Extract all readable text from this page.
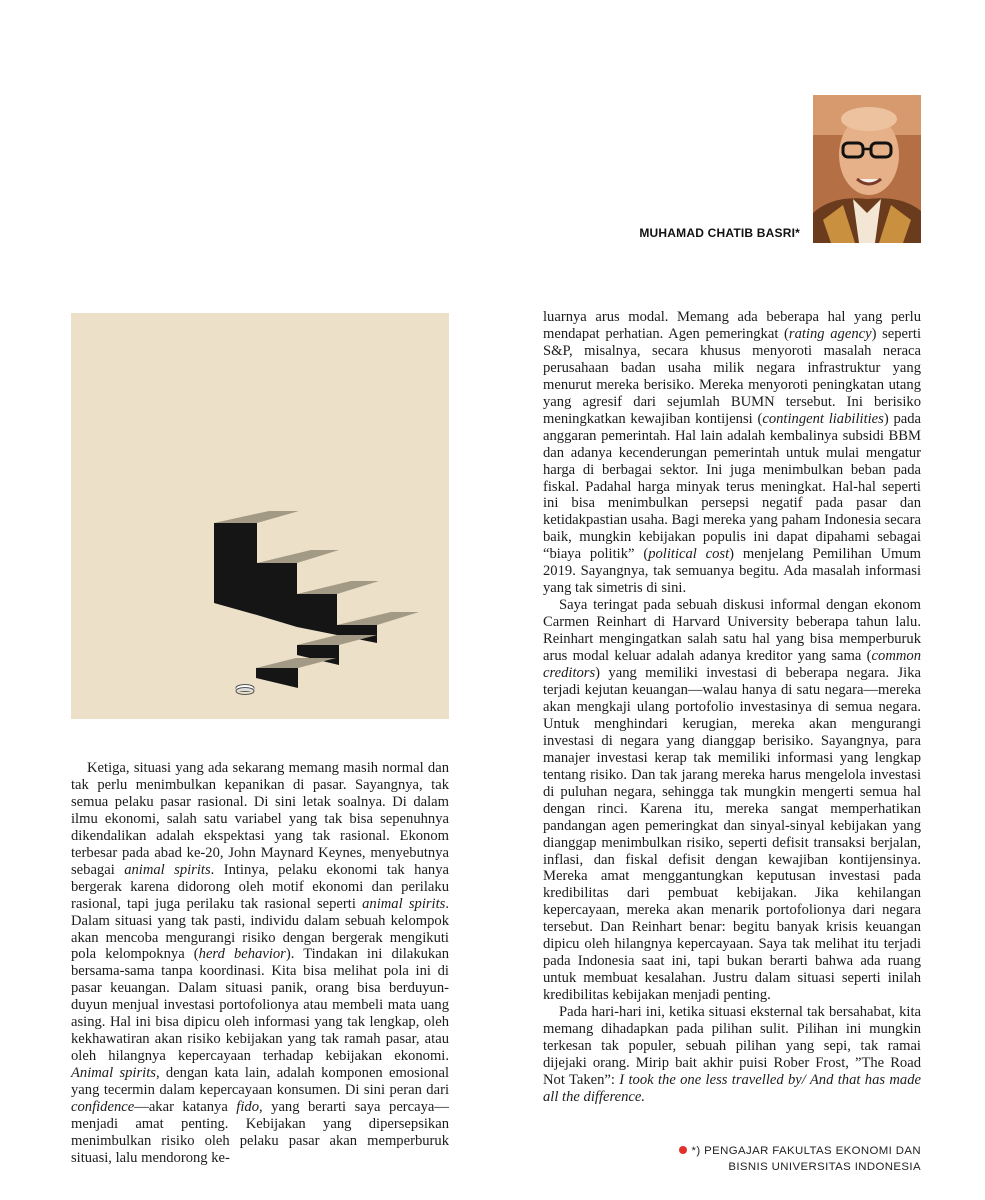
MUHAMAD CHATIB BASRI*

Ketiga, situasi yang ada sekarang memang masih normal dan tak perlu menimbulkan kepanikan di pasar. Sayangnya, tak semua pelaku pasar rasional. Di sini letak soalnya. Di dalam ilmu ekonomi, salah satu variabel yang tak bisa sepenuhnya dikendalikan adalah ekspektasi yang tak rasional. Ekonom terbesar pada abad ke-20, John Maynard Keynes, menyebutnya sebagai animal spirits. Intinya, pelaku ekonomi tak hanya bergerak karena didorong oleh motif ekonomi dan perilaku rasional, tapi juga perilaku tak rasional seperti animal spirits. Dalam situasi yang tak pasti, individu dalam sebuah kelompok akan mencoba mengurangi risiko dengan bergerak mengikuti pola kelompoknya (herd behavior). Tindakan ini dilakukan bersama-sama tanpa koordinasi. Kita bisa melihat pola ini di pasar keuangan. Dalam situasi panik, orang bisa berduyun-duyun menjual investasi portofolionya atau membeli mata uang asing. Hal ini bisa dipicu oleh informasi yang tak lengkap, oleh kekhawatiran akan risiko kebijakan yang tak ramah pasar, atau oleh hilangnya kepercayaan terhadap kebijakan ekonomi. Animal spirits, dengan kata lain, adalah komponen emosional yang tecermin dalam kepercayaan konsumen. Di sini peran dari confidence—akar katanya fido, yang berarti saya percaya—menjadi amat penting. Kebijakan yang dipersepsikan menimbulkan risiko oleh pelaku pasar akan memperburuk situasi, lalu mendorong ke-

luarnya arus modal. Memang ada beberapa hal yang perlu mendapat perhatian. Agen pemeringkat (rating agency) seperti S&P, misalnya, secara khusus menyoroti masalah neraca perusahaan badan usaha milik negara infrastruktur yang menurut mereka berisiko. Mereka menyoroti peningkatan utang yang agresif dari sejumlah BUMN tersebut. Ini berisiko meningkatkan kewajiban kontijensi (contingent liabilities) pada anggaran pemerintah. Hal lain adalah kembalinya subsidi BBM dan adanya kecenderungan pemerintah untuk mulai mengatur harga di berbagai sektor. Ini juga menimbulkan beban pada fiskal. Padahal harga minyak terus meningkat. Hal-hal seperti ini bisa menimbulkan persepsi negatif pada pasar dan ketidakpastian usaha. Bagi mereka yang paham Indonesia secara baik, mungkin kebijakan populis ini dapat dipahami sebagai “biaya politik” (political cost) menjelang Pemilihan Umum 2019. Sayangnya, tak semuanya begitu. Ada masalah informasi yang tak simetris di sini.

Saya teringat pada sebuah diskusi informal dengan ekonom Carmen Reinhart di Harvard University beberapa tahun lalu. Reinhart mengingatkan salah satu hal yang bisa memperburuk arus modal keluar adalah adanya kreditor yang sama (common creditors) yang memiliki investasi di beberapa negara. Jika terjadi kejutan keuangan—walau hanya di satu negara—mereka akan mengkaji ulang portofolio investasinya di semua negara. Untuk menghindari kerugian, mereka akan mengurangi investasi di negara yang dianggap berisiko. Sayangnya, para manajer investasi kerap tak memiliki informasi yang lengkap tentang risiko. Dan tak jarang mereka harus mengelola investasi di puluhan negara, sehingga tak mungkin mengerti semua hal dengan rinci. Karena itu, mereka sangat memperhatikan pandangan agen pemeringkat dan sinyal-sinyal kebijakan yang dianggap menimbulkan risiko, seperti defisit transaksi berjalan, inflasi, dan fiskal defisit dengan kewajiban kontijensinya. Mereka amat menggantungkan keputusan investasi pada kredibilitas dari pembuat kebijakan. Jika kehilangan kepercayaan, mereka akan menarik portofolionya dari negara tersebut. Dan Reinhart benar: begitu banyak krisis keuangan dipicu oleh hilangnya kepercayaan. Saya tak melihat itu terjadi pada Indonesia saat ini, tapi bukan berarti bahwa ada ruang untuk membuat kesalahan. Justru dalam situasi seperti inilah kredibilitas kebijakan menjadi penting.

Pada hari-hari ini, ketika situasi eksternal tak bersahabat, kita memang dihadapkan pada pilihan sulit. Pilihan ini mungkin terkesan tak populer, sebuah pilihan yang sepi, tak ramai dijejaki orang. Mirip bait akhir puisi Rober Frost, ”The Road Not Taken”: I took the one less travelled by/ And that has made all the difference.

*) PENGAJAR FAKULTAS EKONOMI DAN
BISNIS UNIVERSITAS INDONESIA
